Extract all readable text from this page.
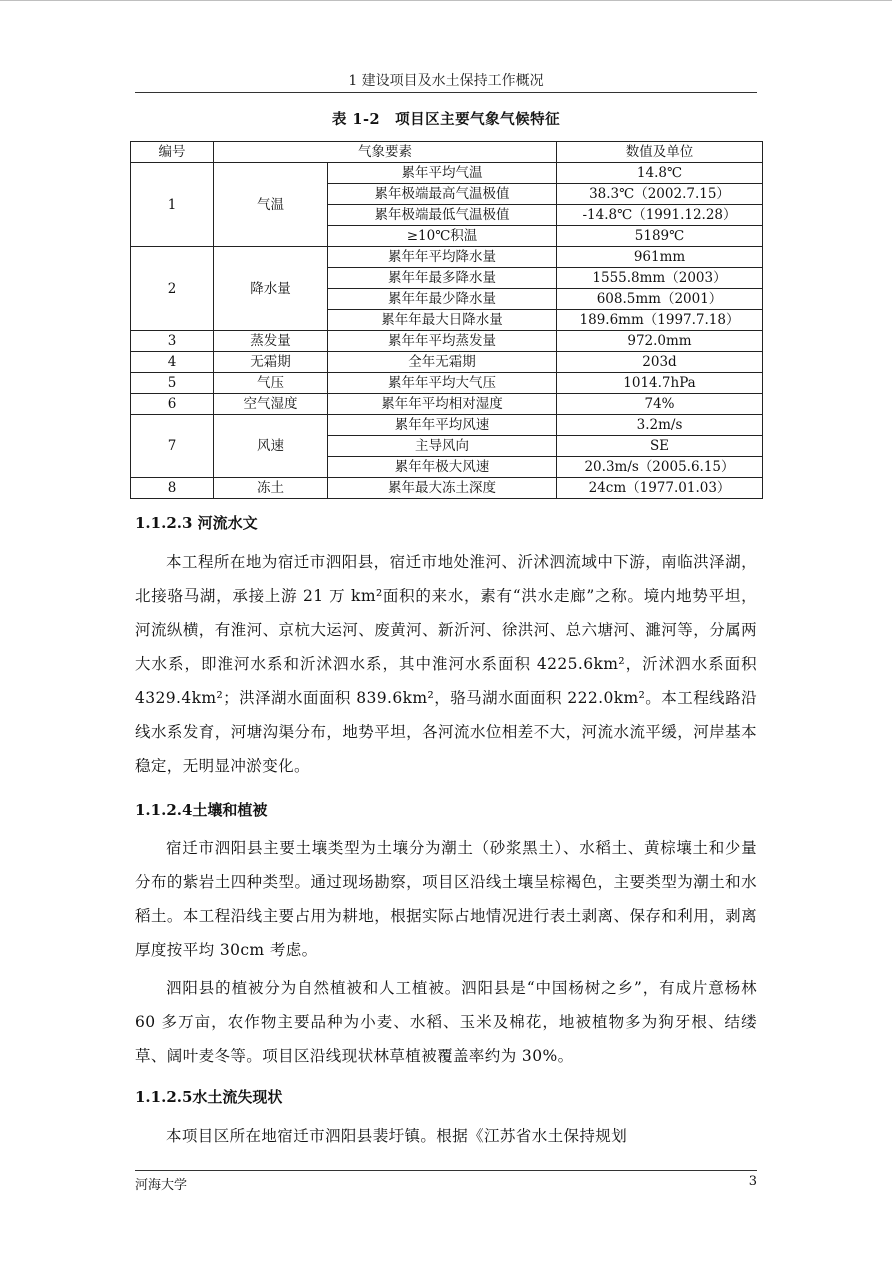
1 建设项目及水土保持工作概况
表 1-2　项目区主要气象气候特征
编号	气象要素		数值及单位
1	气温	累年平均气温	14.8℃
		累年极端最高气温极值	38.3℃（2002.7.15）
		累年极端最低气温极值	-14.8℃（1991.12.28）
		≥10℃积温	5189℃
2	降水量	累年年平均降水量	961mm
		累年年最多降水量	1555.8mm（2003）
		累年年最少降水量	608.5mm（2001）
		累年年最大日降水量	189.6mm（1997.7.18）
3	蒸发量	累年年平均蒸发量	972.0mm
4	无霜期	全年无霜期	203d
5	气压	累年年平均大气压	1014.7hPa
6	空气湿度	累年年平均相对湿度	74%
7	风速	累年年平均风速	3.2m/s
		主导风向	SE
		累年年极大风速	20.3m/s（2005.6.15）
8	冻土	累年最大冻土深度	24cm（1977.01.03）
1.1.2.3 河流水文
本工程所在地为宿迁市泗阳县，宿迁市地处淮河、沂沭泗流域中下游，南临洪泽湖，北接骆马湖，承接上游 21 万 km²面积的来水，素有“洪水走廊”之称。境内地势平坦，河流纵横，有淮河、京杭大运河、废黄河、新沂河、徐洪河、总六塘河、濉河等，分属两大水系，即淮河水系和沂沭泗水系，其中淮河水系面积 4225.6km²，沂沭泗水系面积 4329.4km²；洪泽湖水面面积 839.6km²，骆马湖水面面积 222.0km²。本工程线路沿线水系发育，河塘沟渠分布，地势平坦，各河流水位相差不大，河流水流平缓，河岸基本稳定，无明显冲淤变化。
1.1.2.4土壤和植被
宿迁市泗阳县主要土壤类型为土壤分为潮土（砂浆黑土）、水稻土、黄棕壤土和少量分布的紫岩土四种类型。通过现场勘察，项目区沿线土壤呈棕褐色，主要类型为潮土和水稻土。本工程沿线主要占用为耕地，根据实际占地情况进行表土剥离、保存和利用，剥离厚度按平均 30cm 考虑。
泗阳县的植被分为自然植被和人工植被。泗阳县是“中国杨树之乡”，有成片意杨林 60 多万亩，农作物主要品种为小麦、水稻、玉米及棉花，地被植物多为狗牙根、结缕草、阔叶麦冬等。项目区沿线现状林草植被覆盖率约为 30%。
1.1.2.5水土流失现状
本项目区所在地宿迁市泗阳县裴圩镇。根据《江苏省水土保持规划
河海大学	3
